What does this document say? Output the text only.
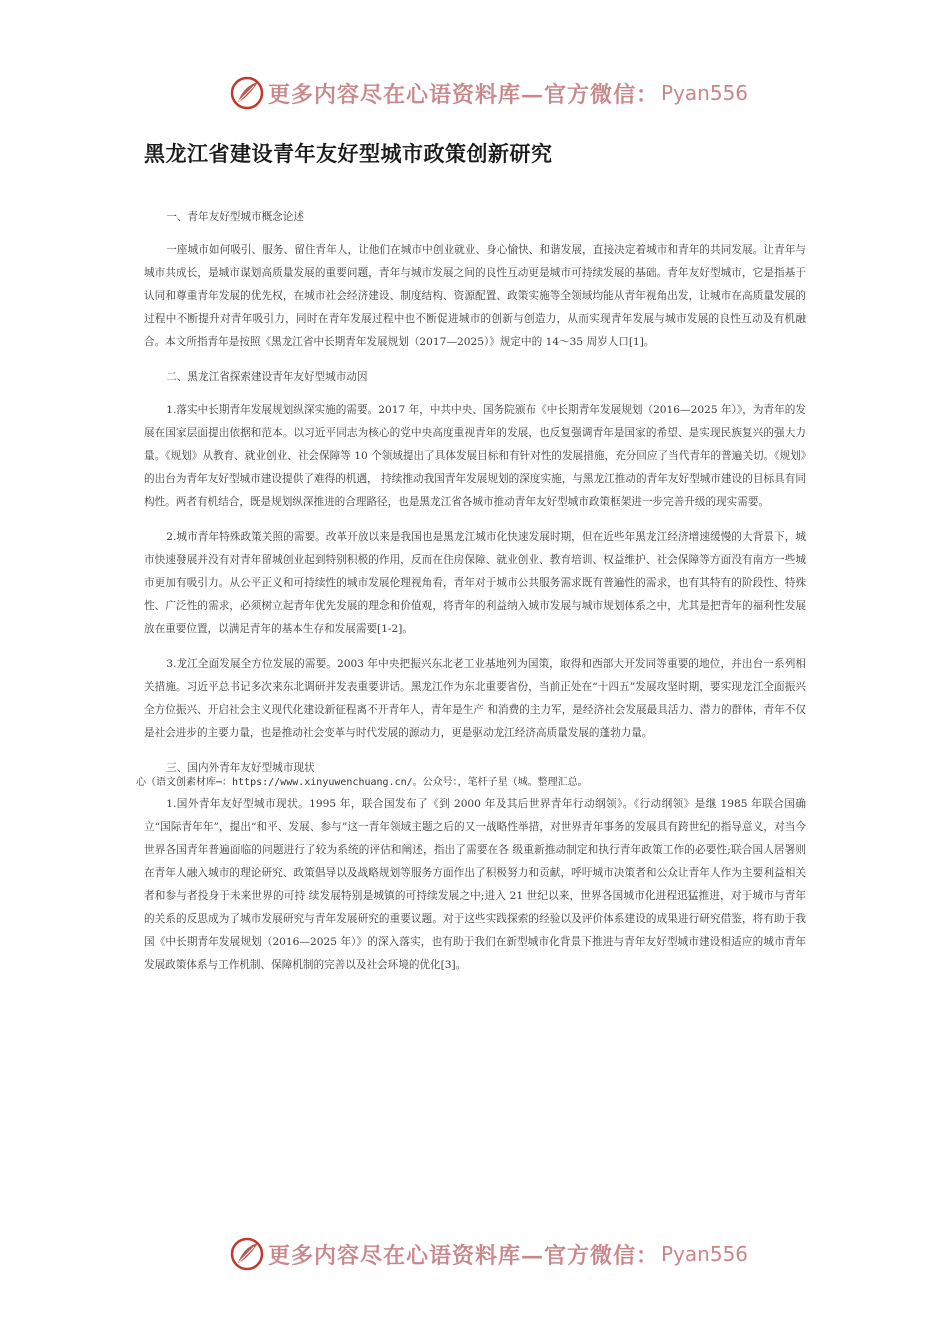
更多内容尽在心语资料库—官方微信： Pyan556
黑龙江省建设青年友好型城市政策创新研究

一、青年友好型城市概念论述

一座城市如何吸引、服务、留住青年人，让他们在城市中创业就业、身心愉快、和谐发展，直接决定着城市和青年的共同发展。让青年与城市共成长，是城市谋划高质量发展的重要问题，青年与城市发展之间的良性互动更是城市可持续发展的基础。青年友好型城市，它是指基于认同和尊重青年发展的优先权，在城市社会经济建设、制度结构、资源配置、政策实施等全领域均能从青年视角出发，让城市在高质量发展的过程中不断提升对青年吸引力，同时在青年发展过程中也不断促进城市的创新与创造力，从而实现青年发展与城市发展的良性互动及有机融合。本文所指青年是按照《黑龙江省中长期青年发展规划（2017—2025）》规定中的 14～35 周岁人口[1]。

二、黑龙江省探索建设青年友好型城市动因

1.落实中长期青年发展规划纵深实施的需要。2017 年，中共中央、国务院颁布《中长期青年发展规划（2016—2025 年）》，为青年的发展在国家层面提出依据和范本。以习近平同志为核心的党中央高度重视青年的发展，也反复强调青年是国家的希望、是实现民族复兴的强大力量。《规划》从教育、就业创业、社会保障等 10 个领域提出了具体发展目标和有针对性的发展措施，充分回应了当代青年的普遍关切。《规划》的出台为青年友好型城市建设提供了难得的机遇， 持续推动我国青年发展规划的深度实施，与黑龙江推动的青年友好型城市建设的目标具有同构性。两者有机结合，既是规划纵深推进的合理路径，也是黑龙江省各城市推动青年友好型城市政策框架进一步完善升级的现实需要。

2.城市青年特殊政策关照的需要。改革开放以来是我国也是黑龙江城市化快速发展时期，但在近些年黑龙江经济增速缓慢的大背景下，城市快速發展并没有对青年留城创业起到特别积极的作用，反而在住房保障、就业创业、教育培训、权益维护、社会保障等方面没有南方一些城市更加有吸引力。从公平正义和可持续性的城市发展伦理视角看，青年对于城市公共服务需求既有普遍性的需求，也有其特有的阶段性、特殊性、广泛性的需求，必须树立起青年优先发展的理念和价值观，将青年的利益纳入城市发展与城市规划体系之中，尤其是把青年的福利性发展放在重要位置，以满足青年的基本生存和发展需要[1-2]。

3.龙江全面发展全方位发展的需要。2003 年中央把振兴东北老工业基地列为国策，取得和西部大开发同等重要的地位，并出台一系列相关措施。习近平总书记多次来东北调研并发表重要讲话。黑龙江作为东北重要省份，当前正处在“十四五”发展攻坚时期，要实现龙江全面振兴全方位振兴、开启社会主义现代化建设新征程离不开青年人，青年是生产 和消费的主力军，是经济社会发展最具活力、潜力的群体，青年不仅是社会进步的主要力量，也是推动社会变革与时代发展的源动力，更是驱动龙江经济高质量发展的蓬勃力量。

三、国内外青年友好型城市现状

心（语文创素材库⋯：https://www.xinyuwenchuang.cn/。公众号：，笔杆子星（城。整理汇总。

1.国外青年友好型城市现状。1995 年，联合国发布了《到 2000 年及其后世界青年行动纲领》。《行动纲领》是继 1985 年联合国确立“国际青年年”，提出“和平、发展、参与”这一青年领域主题之后的又一战略性举措，对世界青年事务的发展具有跨世纪的指导意义，对当今世界各国青年普遍面临的问题进行了较为系统的评估和阐述，指出了需要在各 级重新推动制定和执行青年政策工作的必要性;联合国人居署则在青年人融入城市的理论研究、政策倡导以及战略规划等服务方面作出了积极努力和贡献，呼吁城市决策者和公众让青年人作为主要利益相关者和参与者投身于未来世界的可持 续发展特别是城镇的可持续发展之中;进入 21 世纪以来，世界各国城市化进程迅猛推进，对于城市与青年的关系的反思成为了城市发展研究与青年发展研究的重要议题。对于这些实践探索的经验以及评价体系建设的成果进行研究借鉴，将有助于我国《中长期青年发展规划（2016—2025 年）》的深入落实，也有助于我们在新型城市化背景下推进与青年友好型城市建设相适应的城市青年发展政策体系与工作机制、保障机制的完善以及社会环境的优化[3]。

更多内容尽在心语资料库—官方微信： Pyan556
